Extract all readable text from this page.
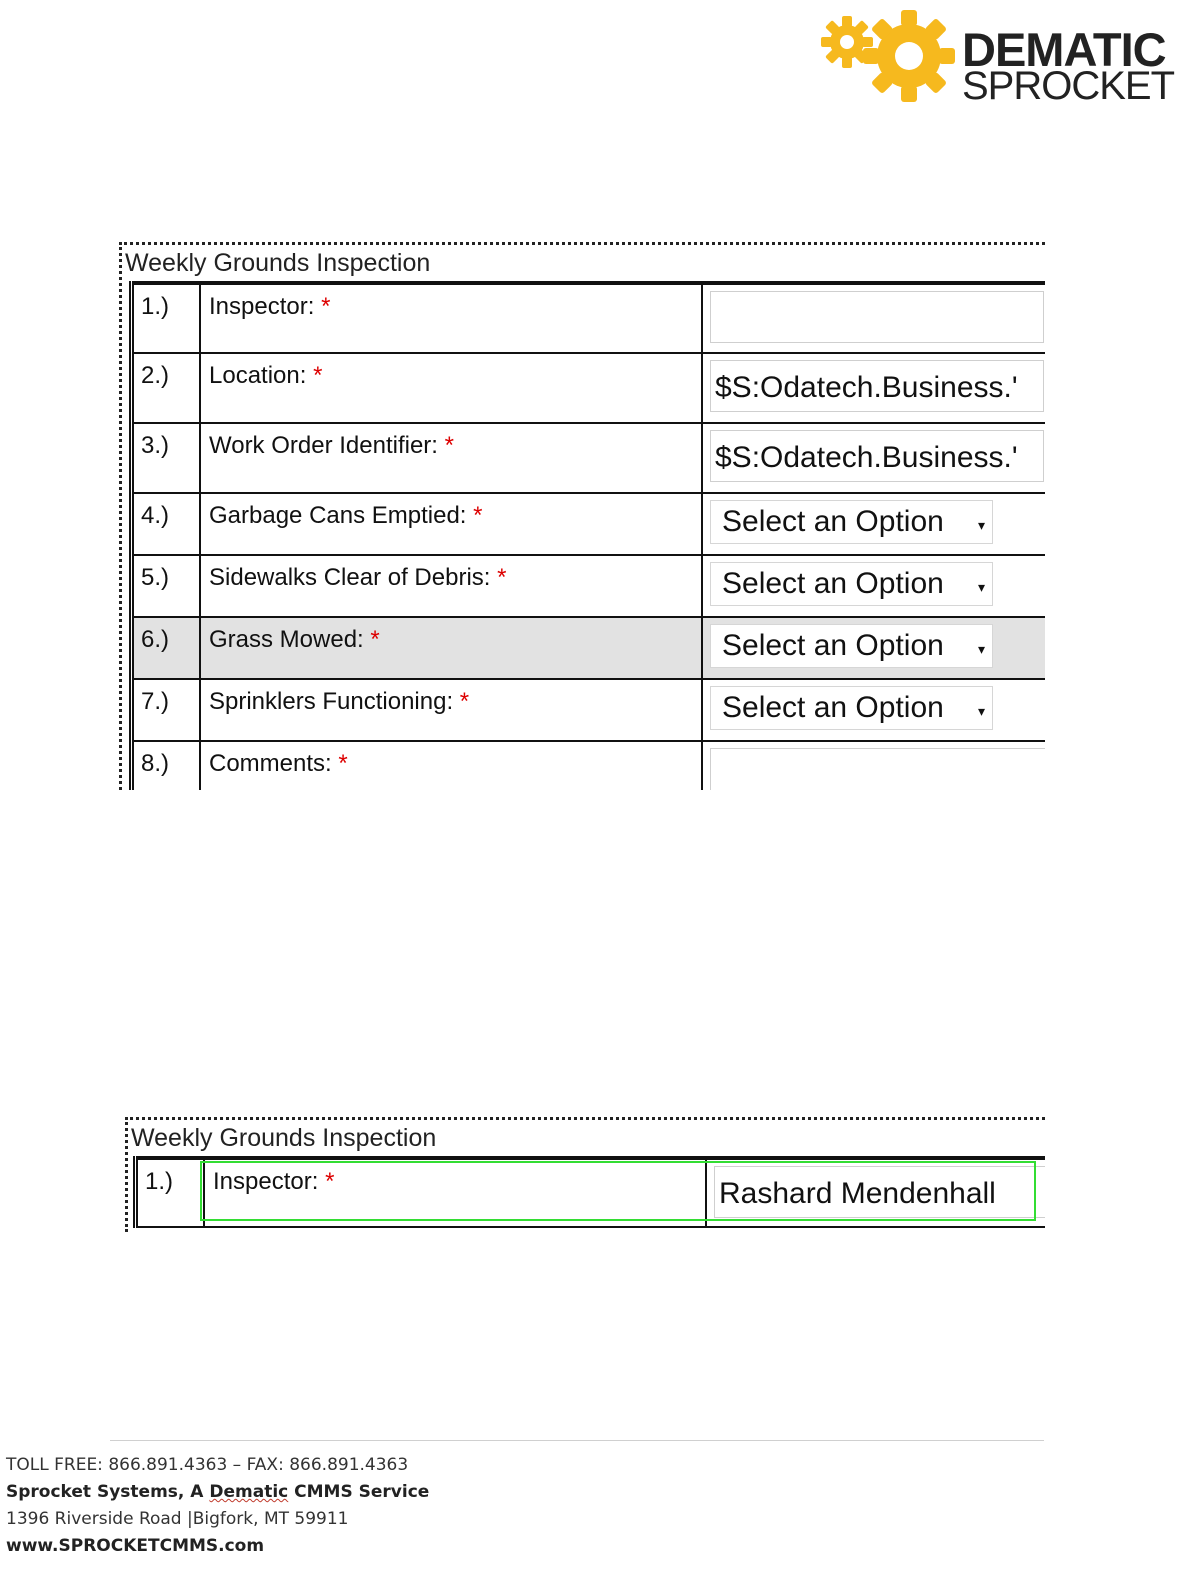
DEMATIC
SPROCKET
Weekly Grounds Inspection
1.)	Inspector: *	

2.)	Location: *	$S:Odatech.Business.'

3.)	Work Order Identifier: *	$S:Odatech.Business.'

4.)	Garbage Cans Emptied: *	Select an Option ▾

5.)	Sidewalks Clear of Debris: *	Select an Option ▾

6.)	Grass Mowed: *	Select an Option ▾

7.)	Sprinklers Functioning: *	Select an Option ▾

8.)	Comments: *	
Weekly Grounds Inspection
1.)	Inspector: *	Rashard Mendenhall
TOLL FREE: 866.891.4363 – FAX: 866.891.4363
Sprocket Systems, A Dematic CMMS Service
1396 Riverside Road |Bigfork, MT 59911
www.SPROCKETCMMS.com
